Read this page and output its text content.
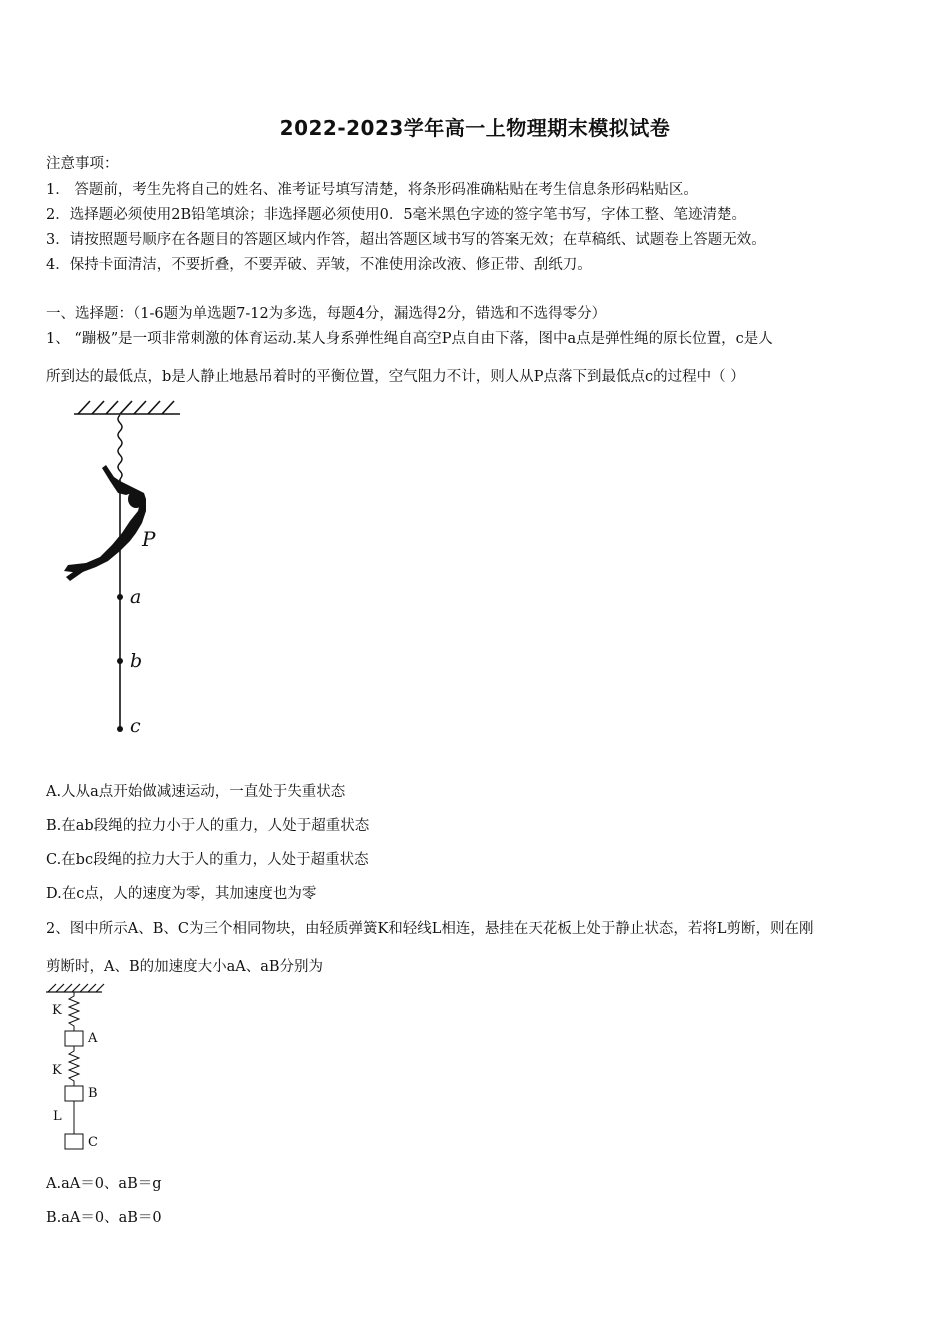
2022-2023学年高一上物理期末模拟试卷
注意事项：
1． 答题前，考生先将自己的姓名、准考证号填写清楚，将条形码准确粘贴在考生信息条形码粘贴区。
2．选择题必须使用2B铅笔填涂；非选择题必须使用0．5毫米黑色字迹的签字笔书写，字体工整、笔迹清楚。
3．请按照题号顺序在各题目的答题区域内作答，超出答题区域书写的答案无效；在草稿纸、试题卷上答题无效。
4．保持卡面清洁，不要折叠，不要弄破、弄皱，不准使用涂改液、修正带、刮纸刀。
一、选择题：（1-6题为单选题7-12为多选，每题4分，漏选得2分，错选和不选得零分）
1、 “蹦极”是一项非常刺激的体育运动.某人身系弹性绳自高空P点自由下落，图中a点是弹性绳的原长位置，c是人
所到达的最低点，b是人静止地悬吊着时的平衡位置，空气阻力不计，则人从P点落下到最低点c的过程中（ ）
P
a
b
c
A.人从a点开始做减速运动，一直处于失重状态
B.在ab段绳的拉力小于人的重力，人处于超重状态
C.在bc段绳的拉力大于人的重力，人处于超重状态
D.在c点，人的速度为零，其加速度也为零
2、图中所示A、B、C为三个相同物块，由轻质弹簧K和轻线L相连，悬挂在天花板上处于静止状态，若将L剪断，则在刚
剪断时，A、B的加速度大小aA、aB分别为
K
A
K
B
L
C
A.aA＝0、aB＝g
B.aA＝0、aB＝0
